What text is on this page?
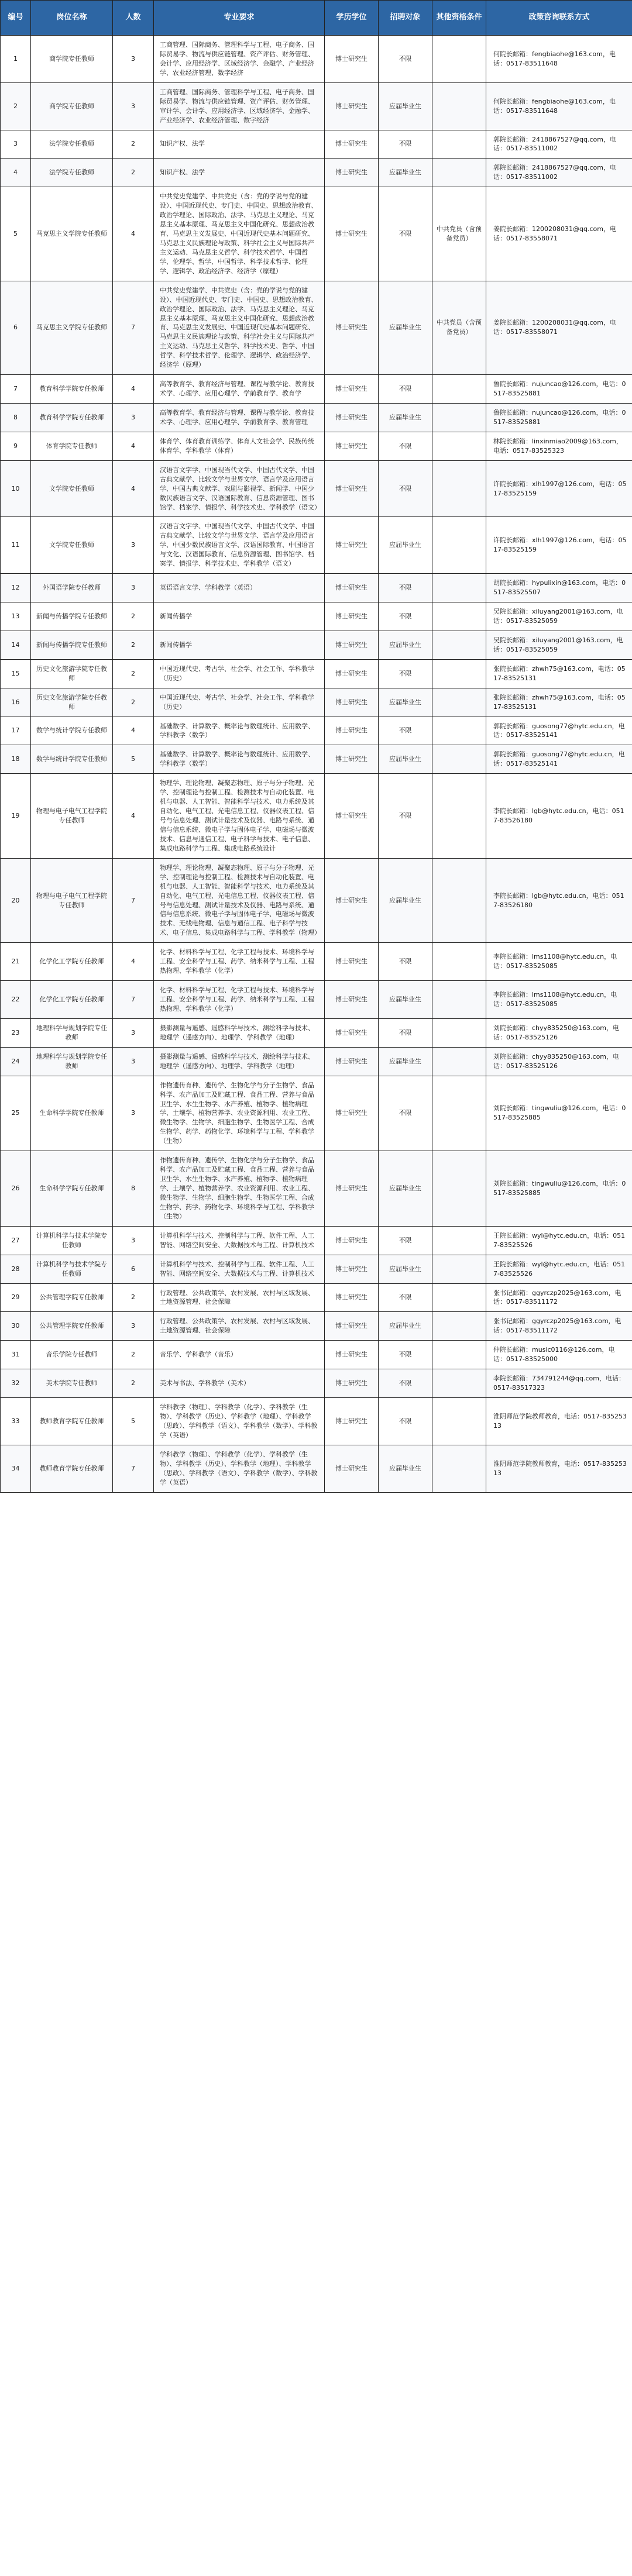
编号	岗位名称	人数	专业要求	学历学位	招聘对象	其他资格条件	政策咨询联系方式
1	商学院专任教师	3	工商管理、国际商务、管理科学与工程、电子商务、国际贸易学、物流与供应链管理、资产评估、财务管理、会计学、应用经济学、区域经济学、金融学、产业经济学、农业经济管理、数字经济	博士研究生	不限		何院长邮箱：fengbiaohe@163.com，电话：0517-83511648
2	商学院专任教师	3	工商管理、国际商务、管理科学与工程、电子商务、国际贸易学、物流与供应链管理、资产评估、财务管理、审计学、会计学、应用经济学、区域经济学、金融学、产业经济学、农业经济管理、数字经济	博士研究生	应届毕业生		何院长邮箱：fengbiaohe@163.com，电话：0517-83511648
3	法学院专任教师	2	知识产权、法学	博士研究生	不限		郭院长邮箱：2418867527@qq.com，电话：0517-83511002
4	法学院专任教师	2	知识产权、法学	博士研究生	应届毕业生		郭院长邮箱：2418867527@qq.com，电话：0517-83511002
5	马克思主义学院专任教师	4	中共党史党建学、中共党史（含：党的学说与党的建设）、中国近现代史、专门史、中国史、思想政治教育、政治学理论、国际政治、法学、马克思主义理论、马克思主义基本原理、马克思主义中国化研究、思想政治教育、马克思主义发展史、中国近现代史基本问题研究、马克思主义民族理论与政策、科学社会主义与国际共产主义运动、马克思主义哲学、科学技术哲学、中国哲学、伦理学、哲学、中国哲学、科学技术哲学、伦理学、逻辑学、政治经济学、经济学（原理）	博士研究生	不限	中共党员（含预备党员）	姜院长邮箱：1200208031@qq.com，电话：0517-83558071
6	马克思主义学院专任教师	7	中共党史党建学、中共党史（含：党的学说与党的建设）、中国近现代史、专门史、中国史、思想政治教育、政治学理论、国际政治、法学、马克思主义理论、马克思主义基本原理、马克思主义中国化研究、思想政治教育、马克思主义发展史、中国近现代史基本问题研究、马克思主义民族理论与政策、科学社会主义与国际共产主义运动、马克思主义哲学、科学技术史、哲学、中国哲学、科学技术哲学、伦理学、逻辑学、政治经济学、经济学（原理）	博士研究生	应届毕业生	中共党员（含预备党员）	姜院长邮箱：1200208031@qq.com，电话：0517-83558071
7	教育科学学院专任教师	4	高等教育学、教育经济与管理、课程与教学论、教育技术学、心理学、应用心理学、学前教育学、教育学	博士研究生	不限		鲁院长邮箱：nujuncao@126.com，电话：0517-83525881
8	教育科学学院专任教师	3	高等教育学、教育经济与管理、课程与教学论、教育技术学、心理学、应用心理学、学前教育学、教育管理	博士研究生	应届毕业生		鲁院长邮箱：nujuncao@126.com，电话：0517-83525881
9	体育学院专任教师	4	体育学、体育教育训练学、体育人文社会学、民族传统体育学、学科教学（体育）	博士研究生	不限		林院长邮箱：linxinmiao2009@163.com，电话：0517-83525323
10	文学院专任教师	4	汉语言文字学、中国现当代文学、中国古代文学、中国古典文献学、比较文学与世界文学、语言学及应用语言学、中国古典文献学、戏剧与影视学、新闻学、中国少数民族语言文学、汉语国际教育、信息资源管理、图书馆学、档案学、情报学、科学技术史、学科教学（语文）	博士研究生	不限		许院长邮箱：xlh1997@126.com，电话：0517-83525159
11	文学院专任教师	3	汉语言文字学、中国现当代文学、中国古代文学、中国古典文献学、比较文学与世界文学、语言学及应用语言学、中国少数民族语言文学、汉语国际教育、中国语言与文化、汉语国际教育、信息资源管理、图书馆学、档案学、情报学、科学技术史、学科教学（语文）	博士研究生	应届毕业生		许院长邮箱：xlh1997@126.com，电话：0517-83525159
12	外国语学院专任教师	3	英语语言文学、学科教学（英语）	博士研究生	不限		胡院长邮箱：hypulixin@163.com，电话：0517-83525507
13	新闻与传播学院专任教师	2	新闻传播学	博士研究生	不限		吴院长邮箱：xiluyang2001@163.com，电话：0517-83525059
14	新闻与传播学院专任教师	2	新闻传播学	博士研究生	应届毕业生		吴院长邮箱：xiluyang2001@163.com，电话：0517-83525059
15	历史文化旅游学院专任教师	2	中国近现代史、考古学、社会学、社会工作、学科教学（历史）	博士研究生	不限		张院长邮箱：zhwh75@163.com，电话：0517-83525131
16	历史文化旅游学院专任教师	2	中国近现代史、考古学、社会学、社会工作、学科教学（历史）	博士研究生	应届毕业生		张院长邮箱：zhwh75@163.com，电话：0517-83525131
17	数学与统计学院专任教师	4	基础数学、计算数学、概率论与数理统计、应用数学、学科教学（数学）	博士研究生	不限		郭院长邮箱：guosong77@hytc.edu.cn，电话：0517-83525141
18	数学与统计学院专任教师	5	基础数学、计算数学、概率论与数理统计、应用数学、学科教学（数学）	博士研究生	应届毕业生		郭院长邮箱：guosong77@hytc.edu.cn，电话：0517-83525141
19	物理与电子电气工程学院专任教师	4	物理学、理论物理、凝聚态物理、原子与分子物理、光学、控制理论与控制工程、检测技术与自动化装置、电机与电器、人工智能、智能科学与技术、电力系统及其自动化、电气工程、光电信息工程、仪器仪表工程、信号与信息处理、测试计量技术及仪器、电路与系统、通信与信息系统、微电子学与固体电子学、电磁场与微波技术、信息与通信工程、电子科学与技术、电子信息、集成电路科学与工程、集成电路系统设计	博士研究生	不限		李院长邮箱：lgb@hytc.edu.cn，电话：0517-83526180
20	物理与电子电气工程学院专任教师	7	物理学、理论物理、凝聚态物理、原子与分子物理、光学、控制理论与控制工程、检测技术与自动化装置、电机与电器、人工智能、智能科学与技术、电力系统及其自动化、电气工程、光电信息工程、仪器仪表工程、信号与信息处理、测试计量技术及仪器、电路与系统、通信与信息系统、微电子学与固体电子学、电磁场与微波技术、无线电物理、信息与通信工程、电子科学与技术、电子信息、集成电路科学与工程、学科教学（物理）	博士研究生	应届毕业生		李院长邮箱：lgb@hytc.edu.cn，电话：0517-83526180
21	化学化工学院专任教师	4	化学、材料科学与工程、化学工程与技术、环境科学与工程、安全科学与工程、药学、纳米科学与工程、工程热物理、学科教学（化学）	博士研究生	不限		李院长邮箱：lms1108@hytc.edu.cn，电话：0517-83525085
22	化学化工学院专任教师	7	化学、材料科学与工程、化学工程与技术、环境科学与工程、安全科学与工程、药学、纳米科学与工程、工程热物理、学科教学（化学）	博士研究生	应届毕业生		李院长邮箱：lms1108@hytc.edu.cn，电话：0517-83525085
23	地理科学与规划学院专任教师	3	摄影测量与遥感、遥感科学与技术、测绘科学与技术、地理学（遥感方向）、地理学、学科教学（地理）	博士研究生	不限		刘院长邮箱：chyy835250@163.com，电话：0517-83525126
24	地理科学与规划学院专任教师	3	摄影测量与遥感、遥感科学与技术、测绘科学与技术、地理学（遥感方向）、地理学、学科教学（地理）	博士研究生	应届毕业生		刘院长邮箱：chyy835250@163.com，电话：0517-83525126
25	生命科学学院专任教师	3	作物遗传育种、遗传学、生物化学与分子生物学、食品科学、农产品加工及贮藏工程、食品工程、营养与食品卫生学、水生生物学、水产养殖、植物学、植物病理学、土壤学、植物营养学、农业资源利用、农业工程、微生物学、生物学、细胞生物学、生物医学工程、合成生物学、药学、药物化学、环境科学与工程、学科教学（生物）	博士研究生	不限		刘院长邮箱：tingwuliu@126.com，电话：0517-83525885
26	生命科学学院专任教师	8	作物遗传育种、遗传学、生物化学与分子生物学、食品科学、农产品加工及贮藏工程、食品工程、营养与食品卫生学、水生生物学、水产养殖、植物学、植物病理学、土壤学、植物营养学、农业资源利用、农业工程、微生物学、生物学、细胞生物学、生物医学工程、合成生物学、药学、药物化学、环境科学与工程、学科教学（生物）	博士研究生	应届毕业生		刘院长邮箱：tingwuliu@126.com，电话：0517-83525885
27	计算机科学与技术学院专任教师	3	计算机科学与技术、控制科学与工程、软件工程、人工智能、网络空间安全、大数据技术与工程、计算机技术	博士研究生	不限		王院长邮箱：wyl@hytc.edu.cn，电话：0517-83525526
28	计算机科学与技术学院专任教师	6	计算机科学与技术、控制科学与工程、软件工程、人工智能、网络空间安全、大数据技术与工程、计算机技术	博士研究生	应届毕业生		王院长邮箱：wyl@hytc.edu.cn，电话：0517-83525526
29	公共管理学院专任教师	2	行政管理、公共政策学、农村发展、农村与区域发展、土地资源管理、社会保障	博士研究生	不限		张书记邮箱：ggyrczp2025@163.com，电话：0517-83511172
30	公共管理学院专任教师	3	行政管理、公共政策学、农村发展、农村与区域发展、土地资源管理、社会保障	博士研究生	应届毕业生		张书记邮箱：ggyrczp2025@163.com，电话：0517-83511172
31	音乐学院专任教师	2	音乐学、学科教学（音乐）	博士研究生	不限		仲院长邮箱：music0116@126.com，电话：0517-83525000
32	美术学院专任教师	2	美术与书法、学科教学（美术）	博士研究生	不限		李院长邮箱：734791244@qq.com，电话：0517-83517323
33	教师教育学院专任教师	5	学科教学（物理）、学科教学（化学）、学科教学（生物）、学科教学（历史）、学科教学（地理）、学科教学（思政）、学科教学（语文）、学科教学（数学）、学科教学（英语）	博士研究生	不限		淮阴师范学院教师教育，电话：0517-83525313
34	教师教育学院专任教师	7	学科教学（物理）、学科教学（化学）、学科教学（生物）、学科教学（历史）、学科教学（地理）、学科教学（思政）、学科教学（语文）、学科教学（数学）、学科教学（英语）	博士研究生	应届毕业生		淮阴师范学院教师教育，电话：0517-83525313
